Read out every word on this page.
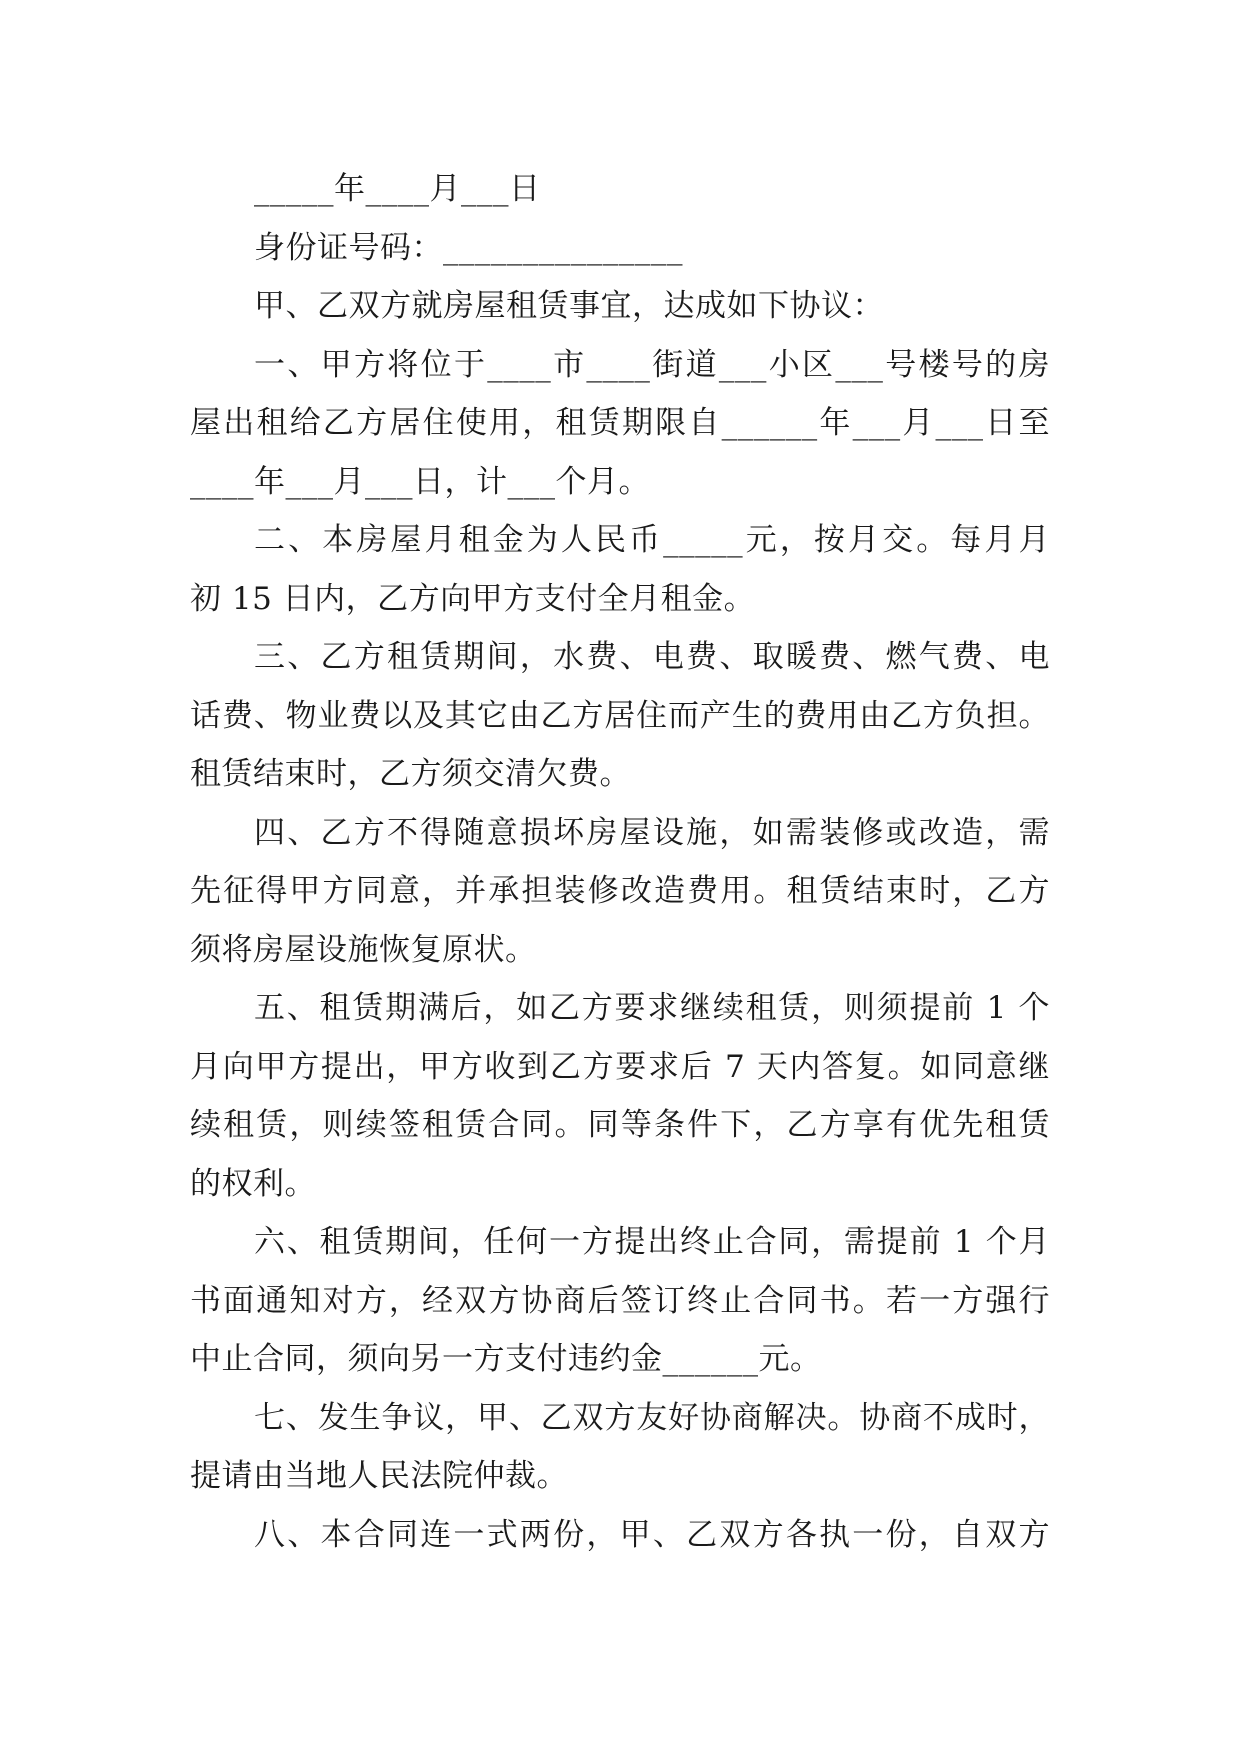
_____年____月___日
身份证号码：_______________
甲、乙双方就房屋租赁事宜，达成如下协议：
一、甲方将位于____市____街道___小区___号楼号的房
屋出租给乙方居住使用，租赁期限自______年___月___日至
____年___月___日，计___个月。
二、本房屋月租金为人民币_____元，按月交。每月月
初 15 日内，乙方向甲方支付全月租金。
三、乙方租赁期间，水费、电费、取暖费、燃气费、电
话费、物业费以及其它由乙方居住而产生的费用由乙方负担。
租赁结束时，乙方须交清欠费。
四、乙方不得随意损坏房屋设施，如需装修或改造，需
先征得甲方同意，并承担装修改造费用。租赁结束时，乙方
须将房屋设施恢复原状。
五、租赁期满后，如乙方要求继续租赁，则须提前 1 个
月向甲方提出，甲方收到乙方要求后 7 天内答复。如同意继
续租赁，则续签租赁合同。同等条件下，乙方享有优先租赁
的权利。
六、租赁期间，任何一方提出终止合同，需提前 1 个月
书面通知对方，经双方协商后签订终止合同书。若一方强行
中止合同，须向另一方支付违约金______元。
七、发生争议，甲、乙双方友好协商解决。协商不成时，
提请由当地人民法院仲裁。
八、本合同连一式两份，甲、乙双方各执一份，自双方
